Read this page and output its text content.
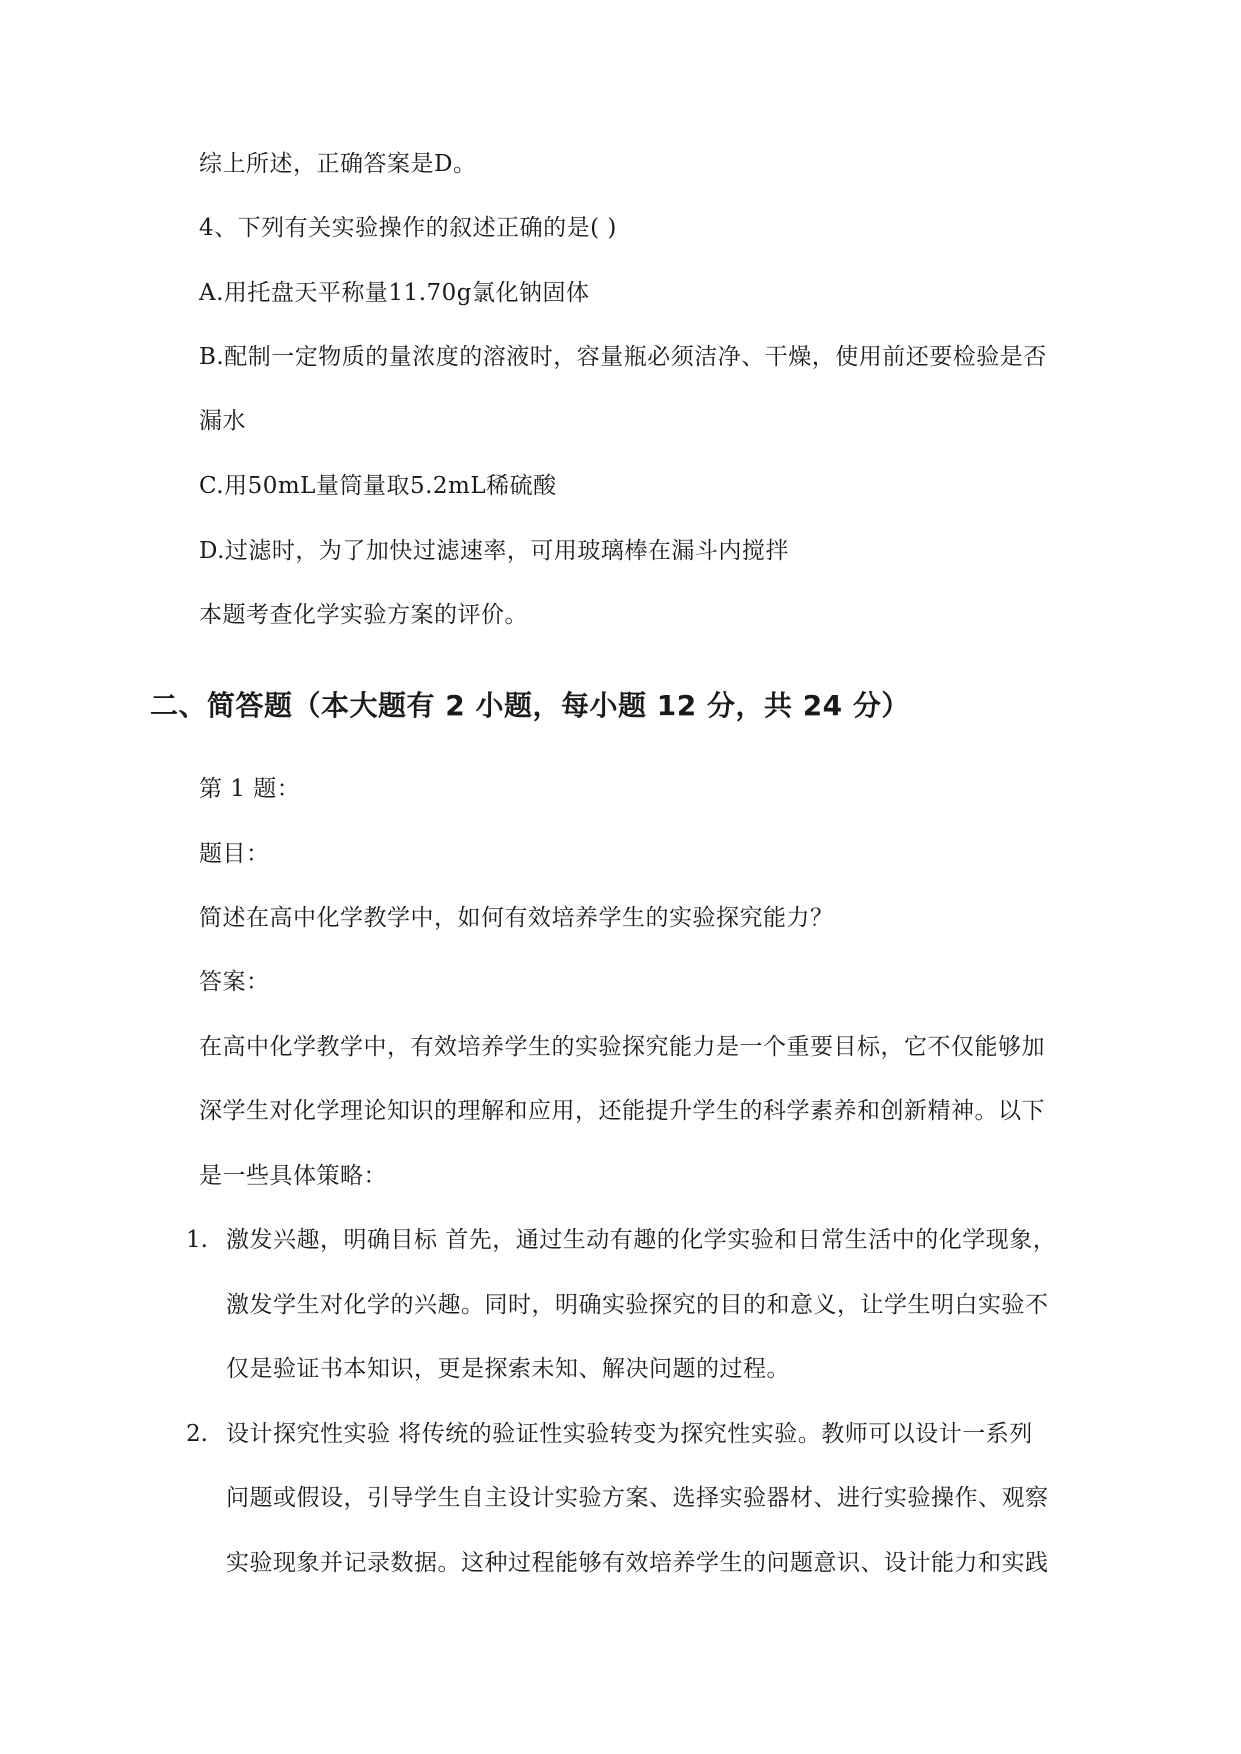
综上所述，正确答案是D。
4、下列有关实验操作的叙述正确的是( )
A.用托盘天平称量11.70g氯化钠固体
B.配制一定物质的量浓度的溶液时，容量瓶必须洁净、干燥，使用前还要检验是否
漏水
C.用50mL量筒量取5.2mL稀硫酸
D.过滤时，为了加快过滤速率，可用玻璃棒在漏斗内搅拌
本题考查化学实验方案的评价。
二、简答题（本大题有 2 小题，每小题 12 分，共 24 分）
第 1 题：
题目：
简述在高中化学教学中，如何有效培养学生的实验探究能力？
答案：
在高中化学教学中，有效培养学生的实验探究能力是一个重要目标，它不仅能够加
深学生对化学理论知识的理解和应用，还能提升学生的科学素养和创新精神。以下
是一些具体策略：
1. 激发兴趣，明确目标 首先，通过生动有趣的化学实验和日常生活中的化学现象，
激发学生对化学的兴趣。同时，明确实验探究的目的和意义，让学生明白实验不
仅是验证书本知识，更是探索未知、解决问题的过程。
2. 设计探究性实验 将传统的验证性实验转变为探究性实验。教师可以设计一系列
问题或假设，引导学生自主设计实验方案、选择实验器材、进行实验操作、观察
实验现象并记录数据。这种过程能够有效培养学生的问题意识、设计能力和实践
